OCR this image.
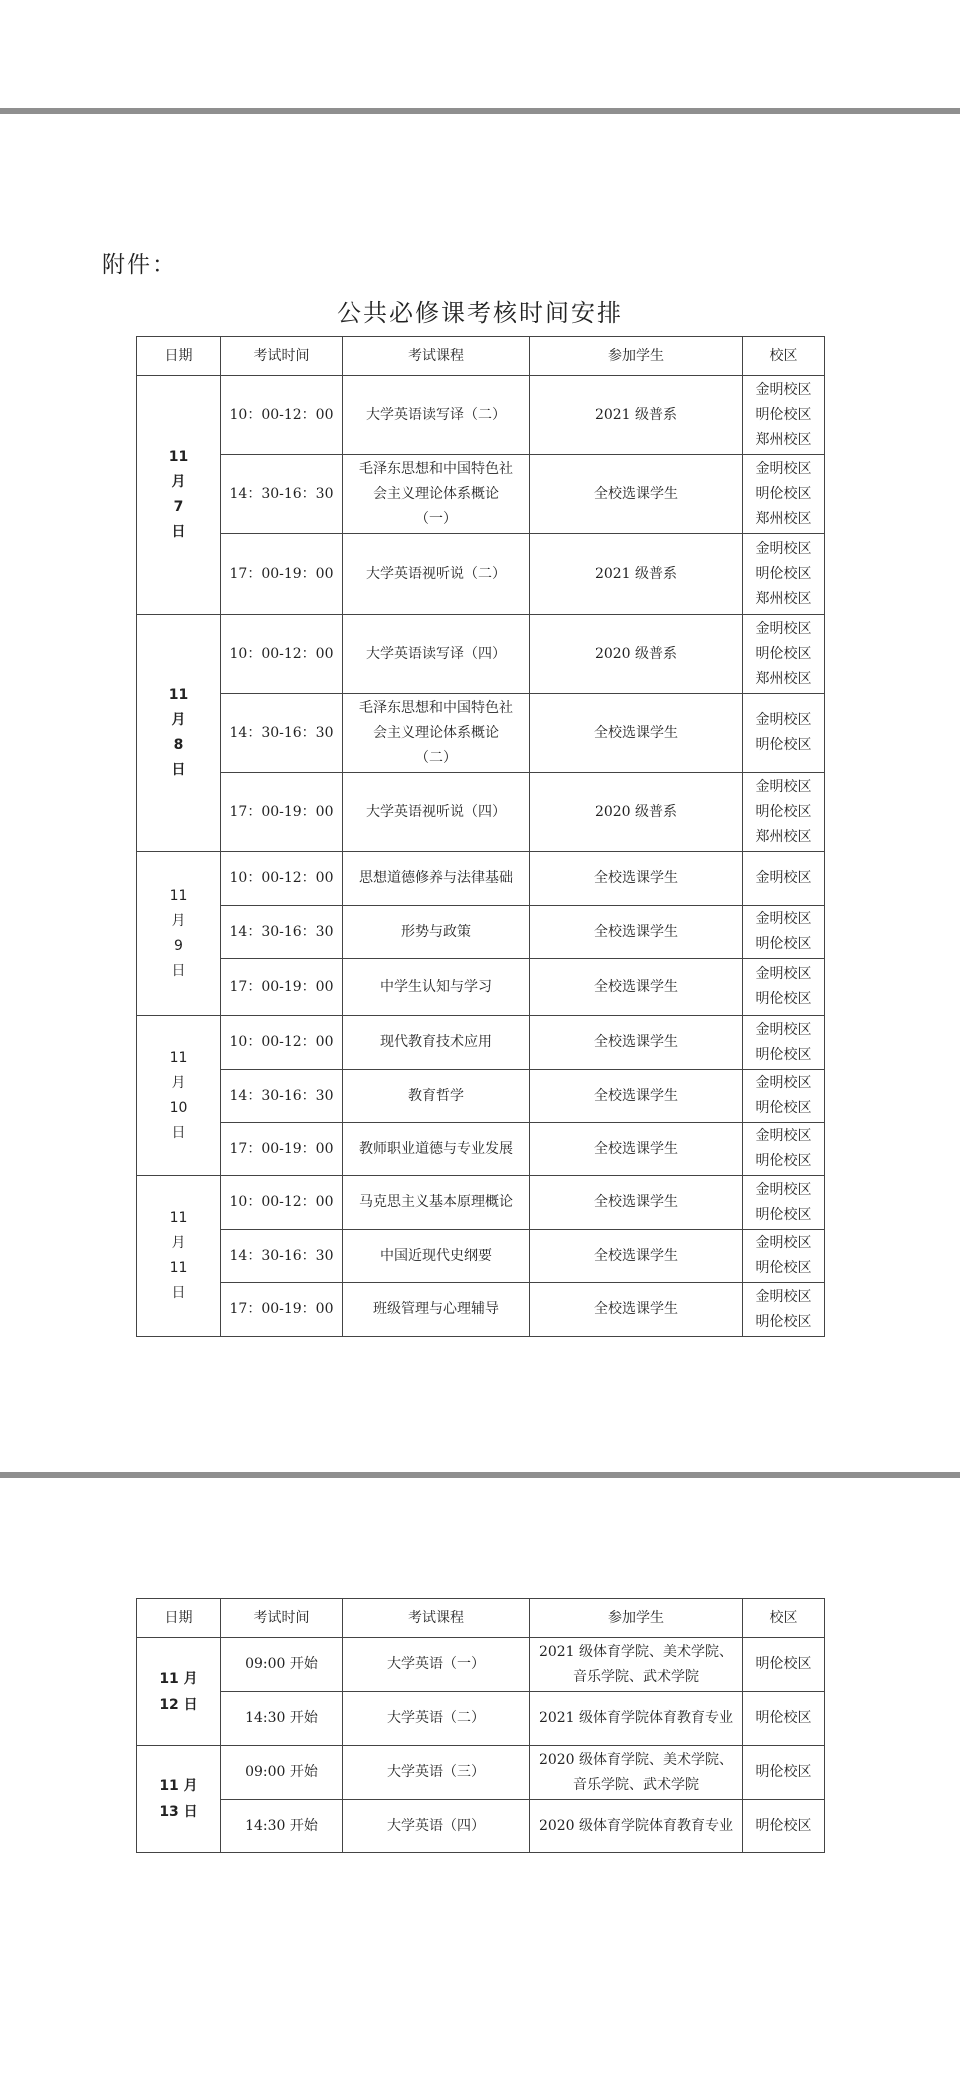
附件：
公共必修课考核时间安排
日期	考试时间	考试课程	参加学生	校区

11
月
7
日	10：00-12：00	大学英语读写译（二）	2021 级普系	金明校区
明伦校区
郑州校区

	14：30-16：30	毛泽东思想和中国特色社
会主义理论体系概论
（一）	全校选课学生	金明校区
明伦校区
郑州校区

	17：00-19：00	大学英语视听说（二）	2021 级普系	金明校区
明伦校区
郑州校区

11
月
8
日	10：00-12：00	大学英语读写译（四）	2020 级普系	金明校区
明伦校区
郑州校区

	14：30-16：30	毛泽东思想和中国特色社
会主义理论体系概论
（二）	全校选课学生	金明校区
明伦校区

	17：00-19：00	大学英语视听说（四）	2020 级普系	金明校区
明伦校区
郑州校区

11
月
9
日	10：00-12：00	思想道德修养与法律基础	全校选课学生	金明校区

	14：30-16：30	形势与政策	全校选课学生	金明校区
明伦校区

	17：00-19：00	中学生认知与学习	全校选课学生	金明校区
明伦校区

11
月
10
日	10：00-12：00	现代教育技术应用	全校选课学生	金明校区
明伦校区

	14：30-16：30	教育哲学	全校选课学生	金明校区
明伦校区

	17：00-19：00	教师职业道德与专业发展	全校选课学生	金明校区
明伦校区

11
月
11
日	10：00-12：00	马克思主义基本原理概论	全校选课学生	金明校区
明伦校区

	14：30-16：30	中国近现代史纲要	全校选课学生	金明校区
明伦校区

	17：00-19：00	班级管理与心理辅导	全校选课学生	金明校区
明伦校区
日期	考试时间	考试课程	参加学生	校区

11 月
12 日	09:00 开始	大学英语（一）	2021 级体育学院、美术学院、
音乐学院、武术学院	明伦校区

	14:30 开始	大学英语（二）	2021 级体育学院体育教育专业	明伦校区

11 月
13 日	09:00 开始	大学英语（三）	2020 级体育学院、美术学院、
音乐学院、武术学院	明伦校区

	14:30 开始	大学英语（四）	2020 级体育学院体育教育专业	明伦校区
